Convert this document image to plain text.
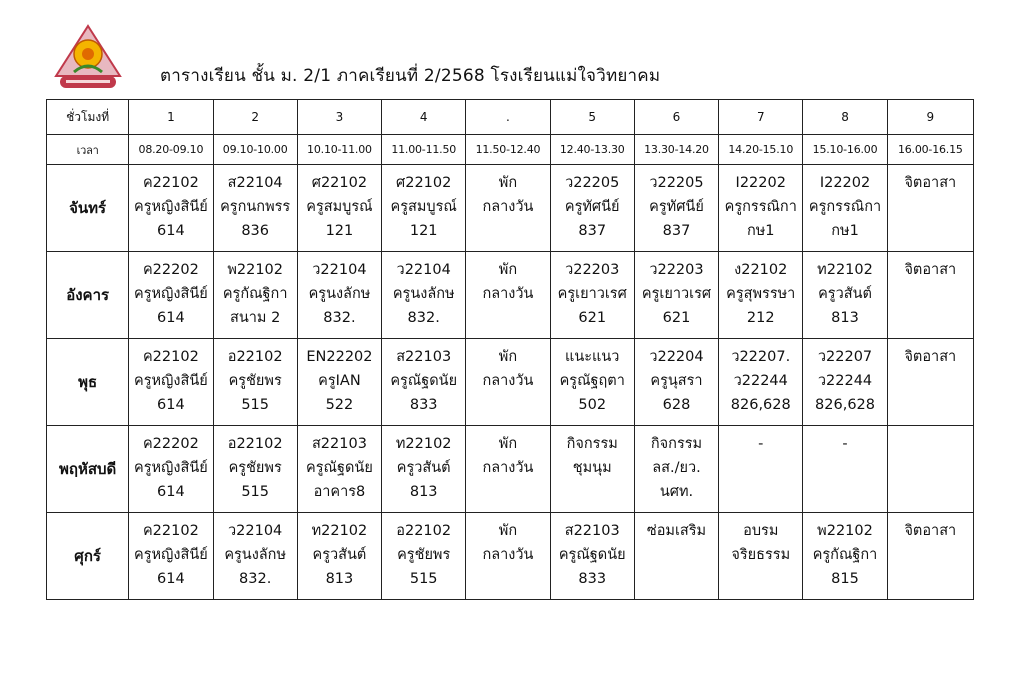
ตารางเรียน ชั้น ม. 2/1 ภาคเรียนที่ 2/2568 โรงเรียนแม่ใจวิทยาคม
ชั่วโมงที่	1	2	3	4	.	5	6	7	8	9
เวลา	08.20-09.10	09.10-10.00	10.10-11.00	11.00-11.50	11.50-12.40	12.40-13.30	13.30-14.20	14.20-15.10	15.10-16.00	16.00-16.15
จันทร์	ค22102
ครูหญิงสินีย์
614	ส22104
ครูกนกพรร
836	ศ22102
ครูสมบูรณ์
121	ศ22102
ครูสมบูรณ์
121	พัก
กลางวัน	ว22205
ครูทัศนีย์
837	ว22205
ครูทัศนีย์
837	I22202
ครูกรรณิกา
กษ1	I22202
ครูกรรณิกา
กษ1	จิตอาสา

อังคาร	ค22202
ครูหญิงสินีย์
614	พ22102
ครูกัณฐิกา
สนาม 2	ว22104
ครูนงลักษ
832.	ว22104
ครูนงลักษ
832.	พัก
กลางวัน	ว22203
ครูเยาวเรศ
621	ว22203
ครูเยาวเรศ
621	ง22102
ครูสุพรรษา
212	ท22102
ครูวสันต์
813	จิตอาสา

พุธ	ค22102
ครูหญิงสินีย์
614	อ22102
ครูชัยพร
515	EN22202
ครูIAN
522	ส22103
ครูณัฐดนัย
833	พัก
กลางวัน	แนะแนว
ครูณัฐฤตา
502	ว22204
ครูนุสรา
628	ว22207.
ว22244
826,628	ว22207
ว22244
826,628	จิตอาสา

พฤหัสบดี	ค22202
ครูหญิงสินีย์
614	อ22102
ครูชัยพร
515	ส22103
ครูณัฐดนัย
อาคาร8	ท22102
ครูวสันต์
813	พัก
กลางวัน	กิจกรรม
ชุมนุม	กิจกรรม
ลส./ยว.
นศท.	-	-	

ศุกร์	ค22102
ครูหญิงสินีย์
614	ว22104
ครูนงลักษ
832.	ท22102
ครูวสันต์
813	อ22102
ครูชัยพร
515	พัก
กลางวัน	ส22103
ครูณัฐดนัย
833	ซ่อมเสริม	อบรม
จริยธรรม	พ22102
ครูกัณฐิกา
815	จิตอาสา
